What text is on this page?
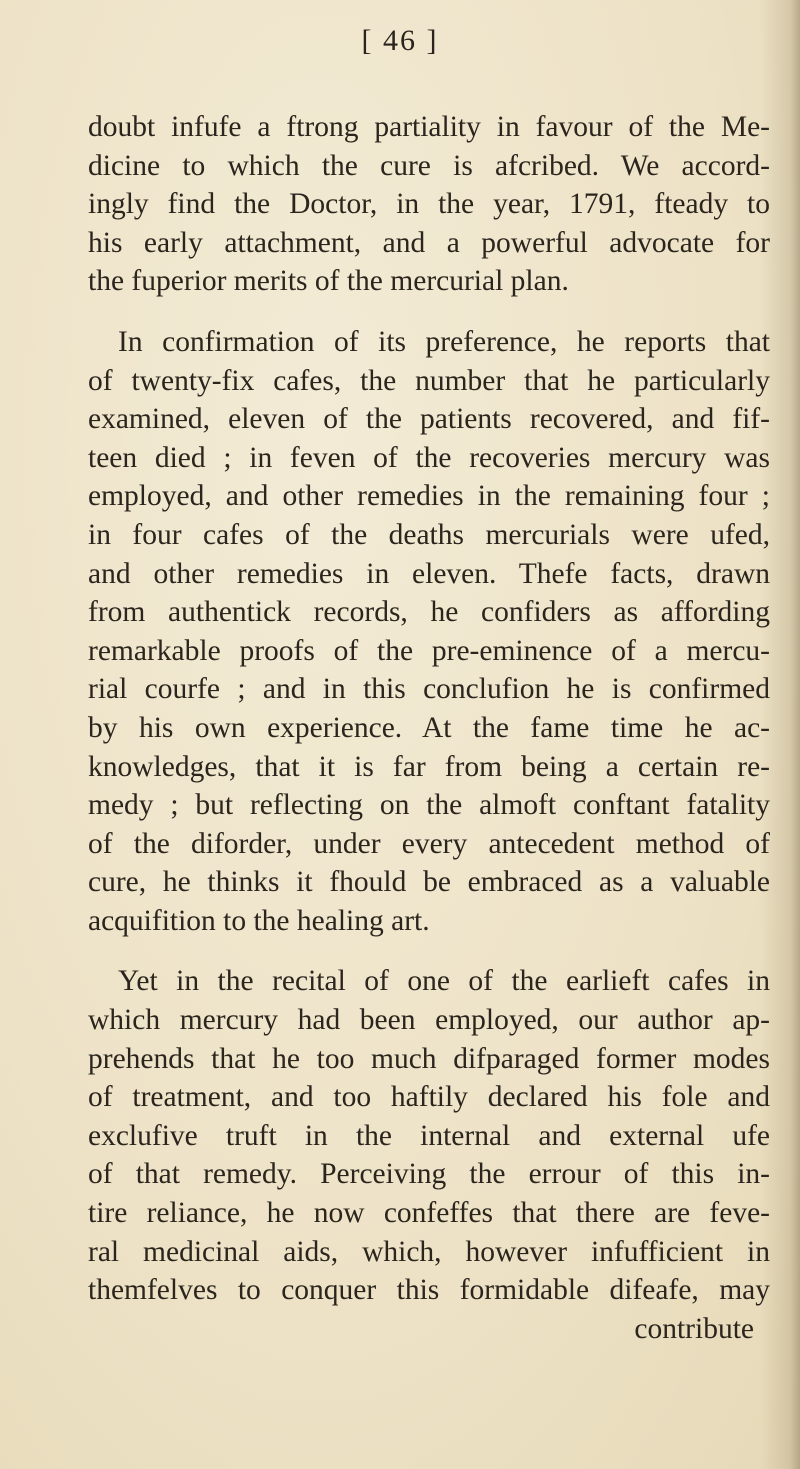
[ 46 ]

doubt infufe a ftrong partiality in favour of the Me-
dicine to which the cure is afcribed. We accord-
ingly find the Doctor, in the year, 1791, fteady to
his early attachment, and a powerful advocate for
the fuperior merits of the mercurial plan.

In confirmation of its preference, he reports that
of twenty-fix cafes, the number that he particularly
examined, eleven of the patients recovered, and fif-
teen died ; in feven of the recoveries mercury was
employed, and other remedies in the remaining four ;
in four cafes of the deaths mercurials were ufed,
and other remedies in eleven. Thefe facts, drawn
from authentick records, he confiders as affording
remarkable proofs of the pre-eminence of a mercu-
rial courfe ; and in this conclufion he is confirmed
by his own experience. At the fame time he ac-
knowledges, that it is far from being a certain re-
medy ; but reflecting on the almoft conftant fatality
of the diforder, under every antecedent method of
cure, he thinks it fhould be embraced as a valuable
acquifition to the healing art.

Yet in the recital of one of the earlieft cafes in
which mercury had been employed, our author ap-
prehends that he too much difparaged former modes
of treatment, and too haftily declared his fole and
exclufive truft in the internal and external ufe
of that remedy. Perceiving the errour of this in-
tire reliance, he now confeffes that there are feve-
ral medicinal aids, which, however infufficient in
themfelves to conquer this formidable difeafe, may

contribute
